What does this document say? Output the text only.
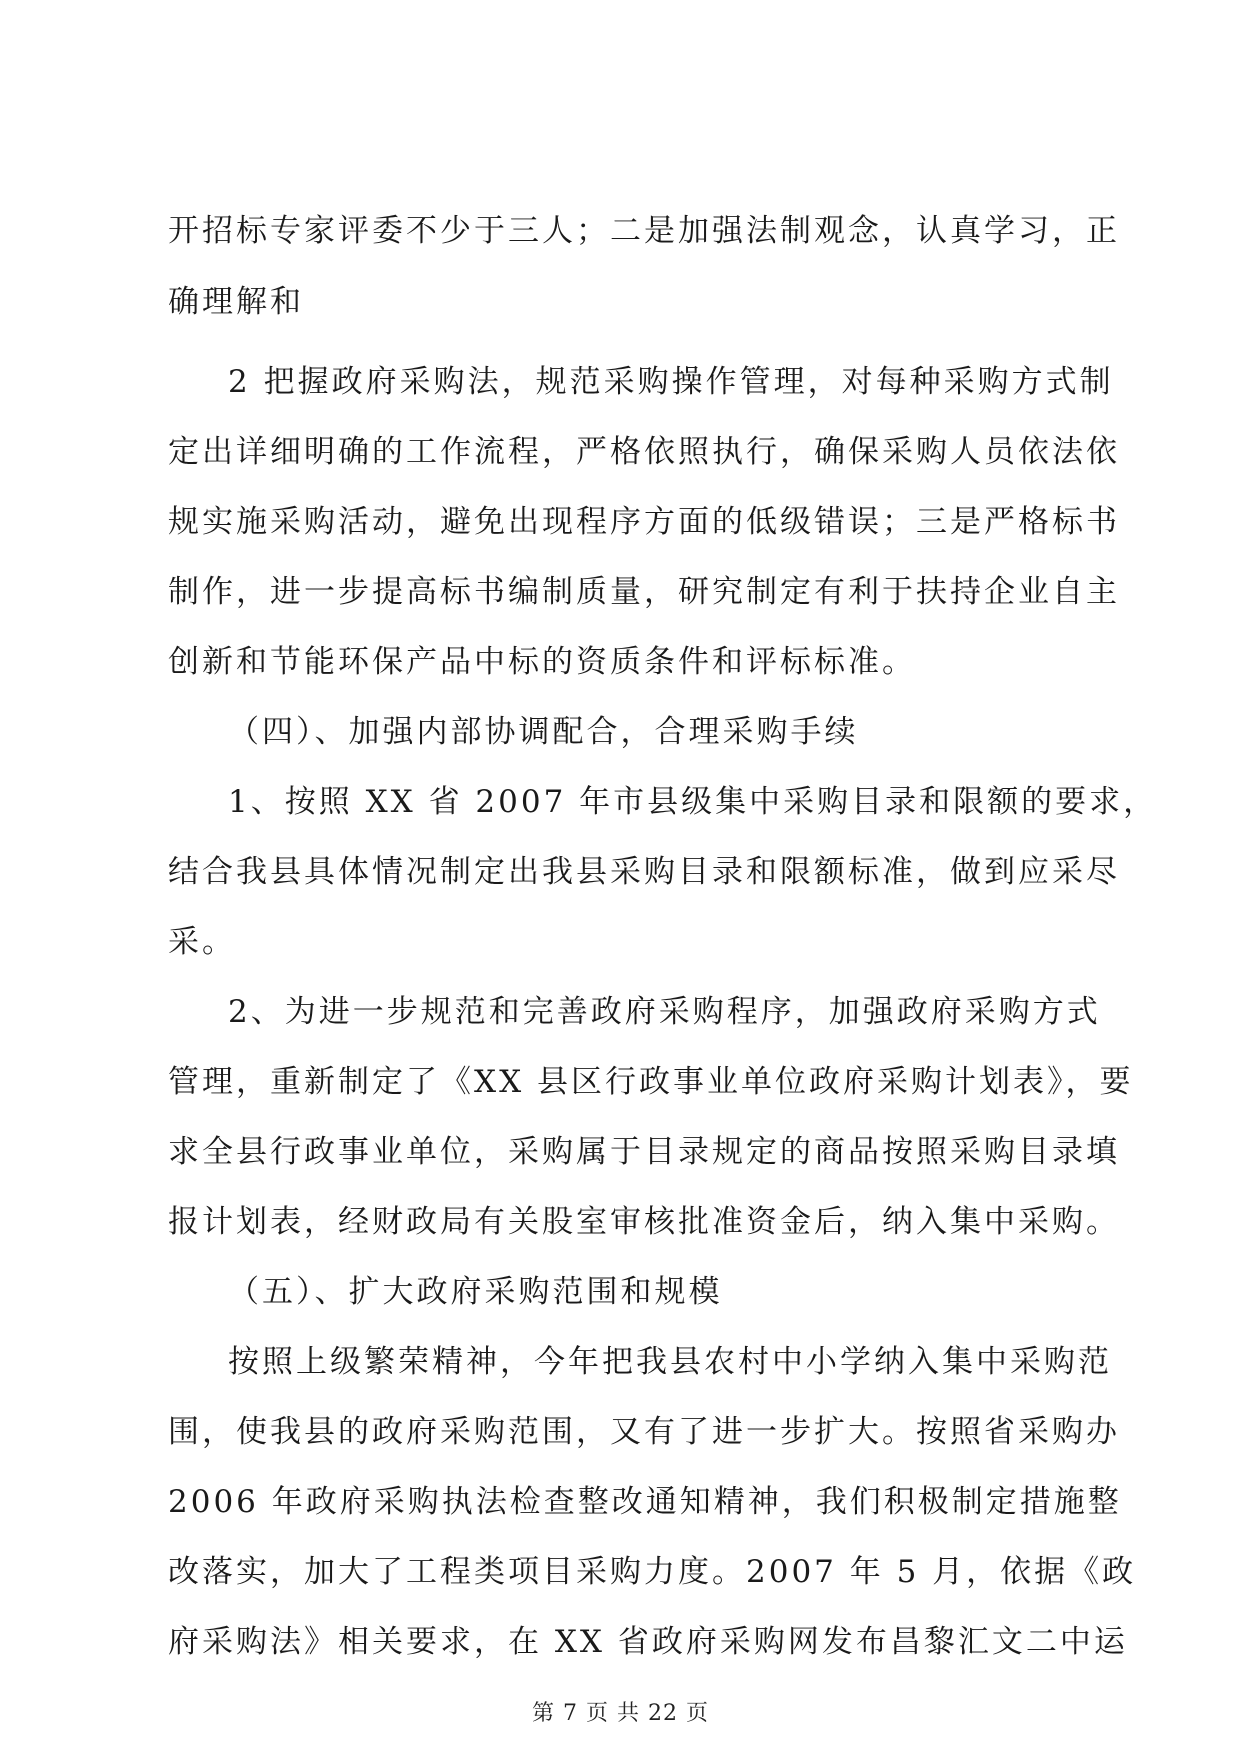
开招标专家评委不少于三人；二是加强法制观念，认真学习，正
确理解和
2 把握政府采购法，规范采购操作管理，对每种采购方式制
定出详细明确的工作流程，严格依照执行，确保采购人员依法依
规实施采购活动，避免出现程序方面的低级错误；三是严格标书
制作，进一步提高标书编制质量，研究制定有利于扶持企业自主
创新和节能环保产品中标的资质条件和评标标准。
（四）、加强内部协调配合，合理采购手续
1、按照 XX 省 2007 年市县级集中采购目录和限额的要求，
结合我县具体情况制定出我县采购目录和限额标准，做到应采尽
采。
2、为进一步规范和完善政府采购程序，加强政府采购方式
管理，重新制定了《XX 县区行政事业单位政府采购计划表》，要
求全县行政事业单位，采购属于目录规定的商品按照采购目录填
报计划表，经财政局有关股室审核批准资金后，纳入集中采购。
（五）、扩大政府采购范围和规模
按照上级繁荣精神，今年把我县农村中小学纳入集中采购范
围，使我县的政府采购范围，又有了进一步扩大。按照省采购办
2006 年政府采购执法检查整改通知精神，我们积极制定措施整
改落实，加大了工程类项目采购力度。2007 年 5 月，依据《政
府采购法》相关要求，在 XX 省政府采购网发布昌黎汇文二中运
第 7 页 共 22 页
